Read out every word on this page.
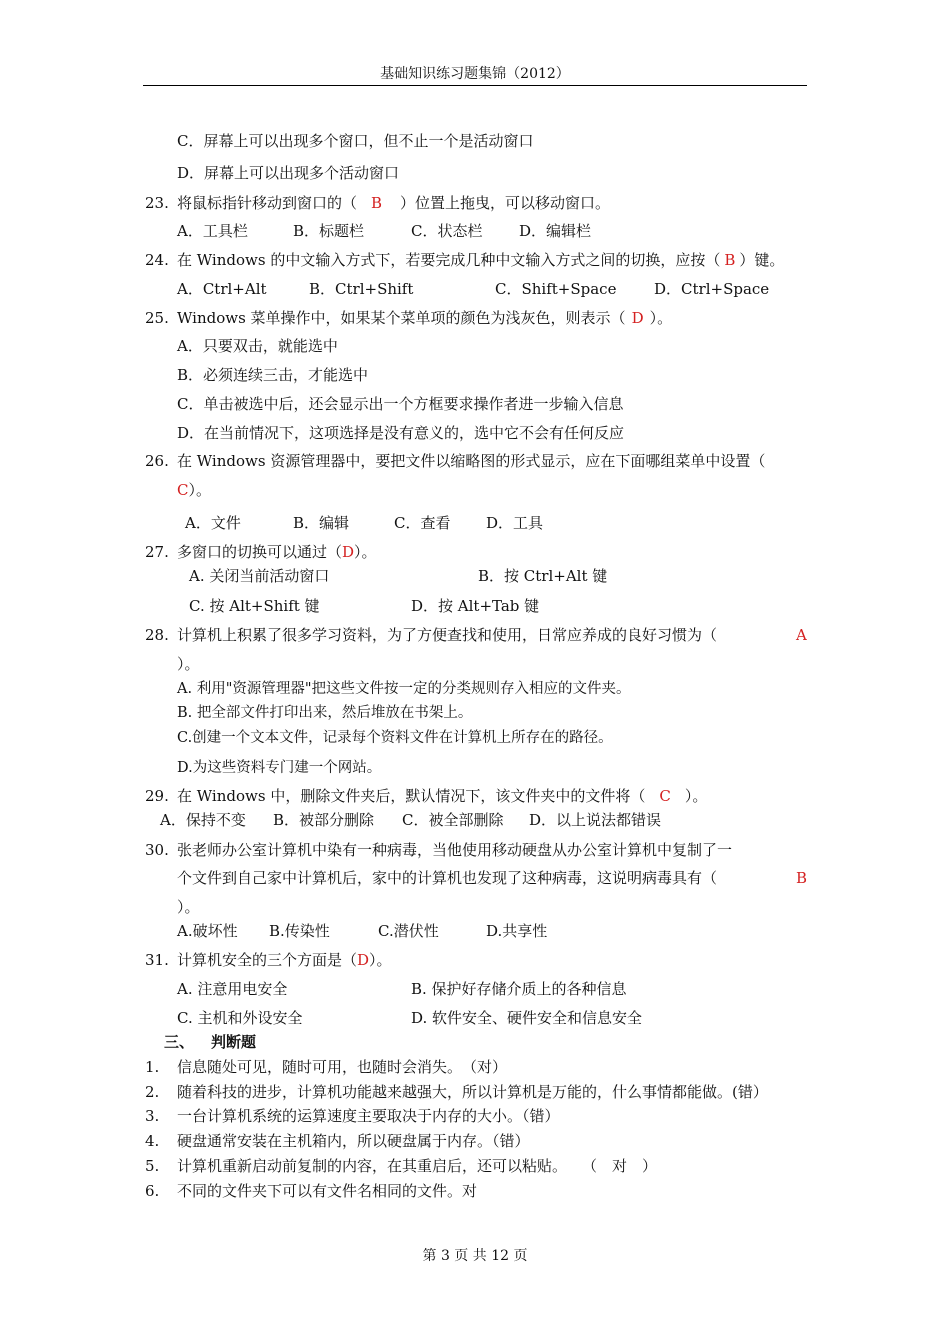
基础知识练习题集锦（2012）
C．屏幕上可以出现多个窗口，但不止一个是活动窗口
D．屏幕上可以出现多个活动窗口
23. 将鼠标指针移动到窗口的（ B ）位置上拖曳，可以移动窗口。
A．工具栏	B．标题栏	C．状态栏 D．编辑栏
24. 在 Windows 的中文输入方式下，若要完成几种中文输入方式之间的切换，应按（ B ）键。
A．Ctrl+Alt	B．Ctrl+Shift	C．Shift+Space	D．Ctrl+Space
25. Windows 菜单操作中，如果某个菜单项的颜色为浅灰色，则表示（ D ）。
A．只要双击，就能选中
B．必须连续三击，才能选中
C．单击被选中后，还会显示出一个方框要求操作者进一步输入信息
D．在当前情况下，这项选择是没有意义的，选中它不会有任何反应
26. 在 Windows 资源管理器中，要把文件以缩略图的形式显示，应在下面哪组菜单中设置（
C）。
A．文件	B．编辑	C．查看 D．工具
27. 多窗口的切换可以通过（D）。
A. 关闭当前活动窗口	B．按 Ctrl+Alt 键
C. 按 Alt+Shift 键	D．按 Alt+Tab 键
28. 计算机上积累了很多学习资料，为了方便查找和使用，日常应养成的良好习惯为（	A
）。
A. 利用"资源管理器"把这些文件按一定的分类规则存入相应的文件夹。
B. 把全部文件打印出来，然后堆放在书架上。
C.创建一个文本文件，记录每个资料文件在计算机上所存在的路径。
D.为这些资料专门建一个网站。
29. 在 Windows 中，删除文件夹后，默认情况下，该文件夹中的文件将（ C ）。
A．保持不变 B．被部分删除 C．被全部删除 D．以上说法都错误
30. 张老师办公室计算机中染有一种病毒，当他使用移动硬盘从办公室计算机中复制了一
个文件到自己家中计算机后，家中的计算机也发现了这种病毒，这说明病毒具有（	B
）。
A.破坏性 B.传染性	C.潜伏性	D.共享性
31. 计算机安全的三个方面是（D）。
A. 注意用电安全	B. 保护好存储介质上的各种信息
C. 主机和外设安全	D. 软件安全、硬件安全和信息安全
三、 判断题
1. 信息随处可见，随时可用，也随时会消失。　（对）
2. 随着科技的进步，计算机功能越来越强大，所以计算机是万能的，什么事情都能做。(错）
3. 一台计算机系统的运算速度主要取决于内存的大小。（错）
4. 硬盘通常安装在主机箱内，所以硬盘属于内存。（错）
5. 计算机重新启动前复制的内容，在其重启后，还可以粘贴。　　（　对　）
6. 不同的文件夹下可以有文件名相同的文件。对
第 3 页 共 12 页
